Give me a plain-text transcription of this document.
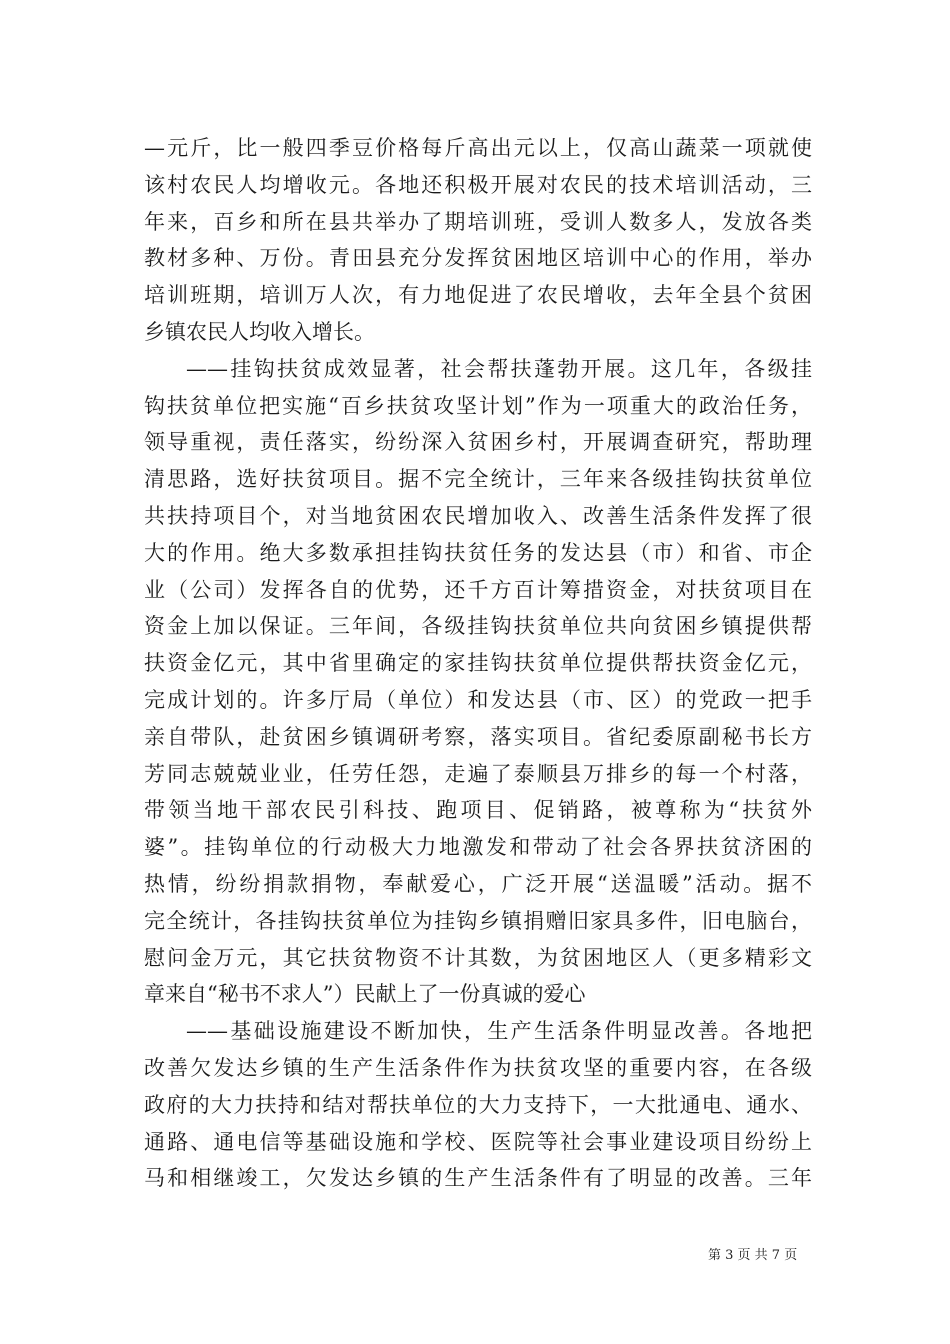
—元斤，比一般四季豆价格每斤高出元以上，仅高山蔬菜一项就使
该村农民人均增收元。各地还积极开展对农民的技术培训活动，三
年来，百乡和所在县共举办了期培训班，受训人数多人，发放各类
教材多种、万份。青田县充分发挥贫困地区培训中心的作用，举办
培训班期，培训万人次，有力地促进了农民增收，去年全县个贫困
乡镇农民人均收入增长。
——挂钩扶贫成效显著，社会帮扶蓬勃开展。这几年，各级挂
钩扶贫单位把实施“百乡扶贫攻坚计划”作为一项重大的政治任务，
领导重视，责任落实，纷纷深入贫困乡村，开展调查研究，帮助理
清思路，选好扶贫项目。据不完全统计，三年来各级挂钩扶贫单位
共扶持项目个，对当地贫困农民增加收入、改善生活条件发挥了很
大的作用。绝大多数承担挂钩扶贫任务的发达县（市）和省、市企
业（公司）发挥各自的优势，还千方百计筹措资金，对扶贫项目在
资金上加以保证。三年间，各级挂钩扶贫单位共向贫困乡镇提供帮
扶资金亿元，其中省里确定的家挂钩扶贫单位提供帮扶资金亿元，
完成计划的。许多厅局（单位）和发达县（市、区）的党政一把手
亲自带队，赴贫困乡镇调研考察，落实项目。省纪委原副秘书长方
芳同志兢兢业业，任劳任怨，走遍了泰顺县万排乡的每一个村落，
带领当地干部农民引科技、跑项目、促销路，被尊称为“扶贫外
婆”。挂钩单位的行动极大力地激发和带动了社会各界扶贫济困的
热情，纷纷捐款捐物，奉献爱心，广泛开展“送温暖”活动。据不
完全统计，各挂钩扶贫单位为挂钩乡镇捐赠旧家具多件，旧电脑台，
慰问金万元，其它扶贫物资不计其数，为贫困地区人（更多精彩文
章来自“秘书不求人”）民献上了一份真诚的爱心
——基础设施建设不断加快，生产生活条件明显改善。各地把
改善欠发达乡镇的生产生活条件作为扶贫攻坚的重要内容，在各级
政府的大力扶持和结对帮扶单位的大力支持下，一大批通电、通水、
通路、通电信等基础设施和学校、医院等社会事业建设项目纷纷上
马和相继竣工，欠发达乡镇的生产生活条件有了明显的改善。三年
第 3 页 共 7 页
